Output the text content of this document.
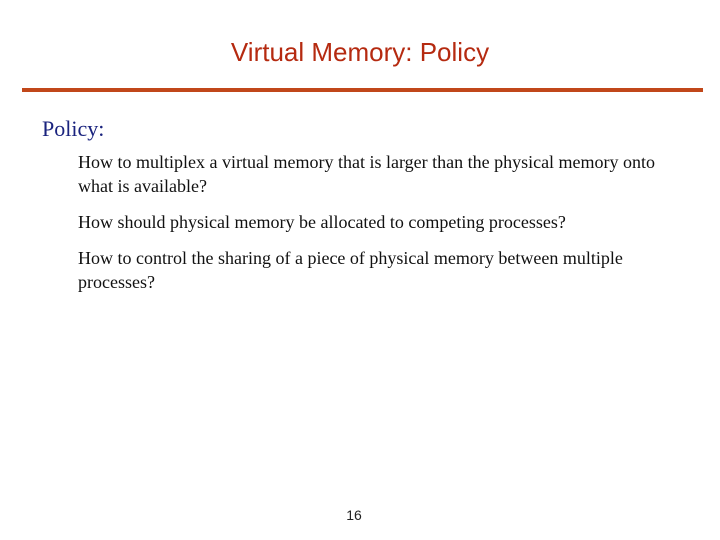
Virtual Memory: Policy
Policy:
How to multiplex a virtual memory that is larger than the physical memory onto what is available?
How should physical memory be allocated to competing processes?
How to control the sharing of a piece of physical memory between multiple processes?
16
